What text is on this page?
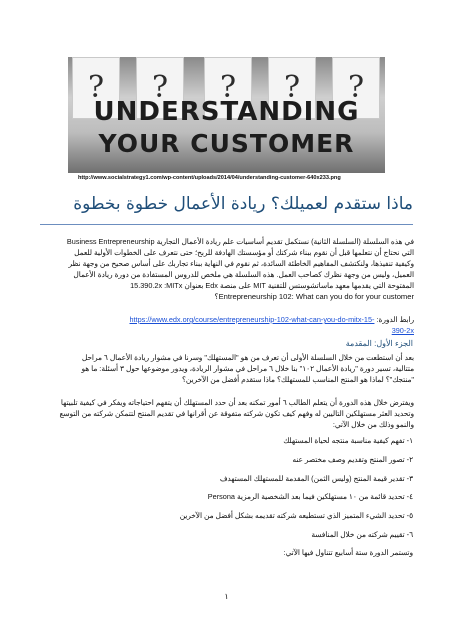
?	?	?	?	?
UNDERSTANDING
YOUR CUSTOMER
http://www.socialstrategy1.com/wp-content/uploads/2014/04/understanding-customer-640x233.png
ماذا ستقدم لعميلك؟ ريادة الأعمال خطوة بخطوة
في هذه السلسلة (السلسلة الثانية) نستكمل تقديم أساسيات علم ريادة الأعمال التجارية Business Entrepreneurship
التي نحتاج أن نتعلمها قبل أن نقوم ببناء شركتك أو مؤسستك الهادفة للربح؛ حتى نتعرف على الخطوات الأولية للعمل
وكيفية تنفيذها، ولنكتشف المفاهيم الخاطئة السائدة، ثم نقوم في النهاية ببناء تجاربك على أساس صحيح من وجهة نظر
العميل، وليس من وجهة نظرك كصاحب العمل. هذه السلسلة هي ملخص للدروس المستفادة من دورة ريادة الأعمال
المفتوحة التي يقدمها معهد ماساتشوستس للتقنية MIT على منصة Edx بعنوان 15.390.2x :MITx
Entrepreneurship 102: What can you do for your customer؟
رابط الدورة: https://www.edx.org/course/entrepreneurship-102-what-can-you-do-mitx-15-
390-2x
الجزء الأول: المقدمة
بعد أن استطعت من خلال السلسلة الأولى أن تعرف من هو "المستهلك" وسرنا في مشوار ريادة الأعمال ٦ مراحل
متتالية، تسير دورة "ريادة الأعمال ١٠٢" بنا خلال ٦ مراحل في مشوار الريادة، ويدور موضوعها حول ٣ أسئلة: ما هو
"منتجك"؟ لماذا هو المنتج المناسب للمستهلك؟ ماذا ستقدم أفضل من الآخرين؟
ويفترض خلال هذه الدورة أن يتعلم الطالب ٦ أمور تمكنه بعد أن حدد المستهلك أن يتفهم احتياجاته ويفكر في كيفية تلبيتها
وتحديد العثر مستهلكين التاليين له وفهم كيف تكون شركته متفوقة عن أقرانها في تقديم المنتج لتتمكن شركته من التوسع
والنمو وذلك من خلال الآتي:
١- تفهم كيفية مناسبة منتجه لحياة المستهلك
٢- تصور المنتج وتقديم وصف مختصر عنه
٣- تقدير قيمة المنتج (وليس الثمن) المقدمة للمستهلك المستهدف
٤- تحديد قائمة من ١٠ مستهلكين فيما بعد الشخصية الرمزية Persona
٥- تحديد الشيء المتميز الذي تستطيعه شركته تقديمه بشكل أفضل من الآخرين
٦- تقييم شركته من خلال المنافسة
وتستمر الدورة ستة أسابيع تتناول فيها الآتي:
١
